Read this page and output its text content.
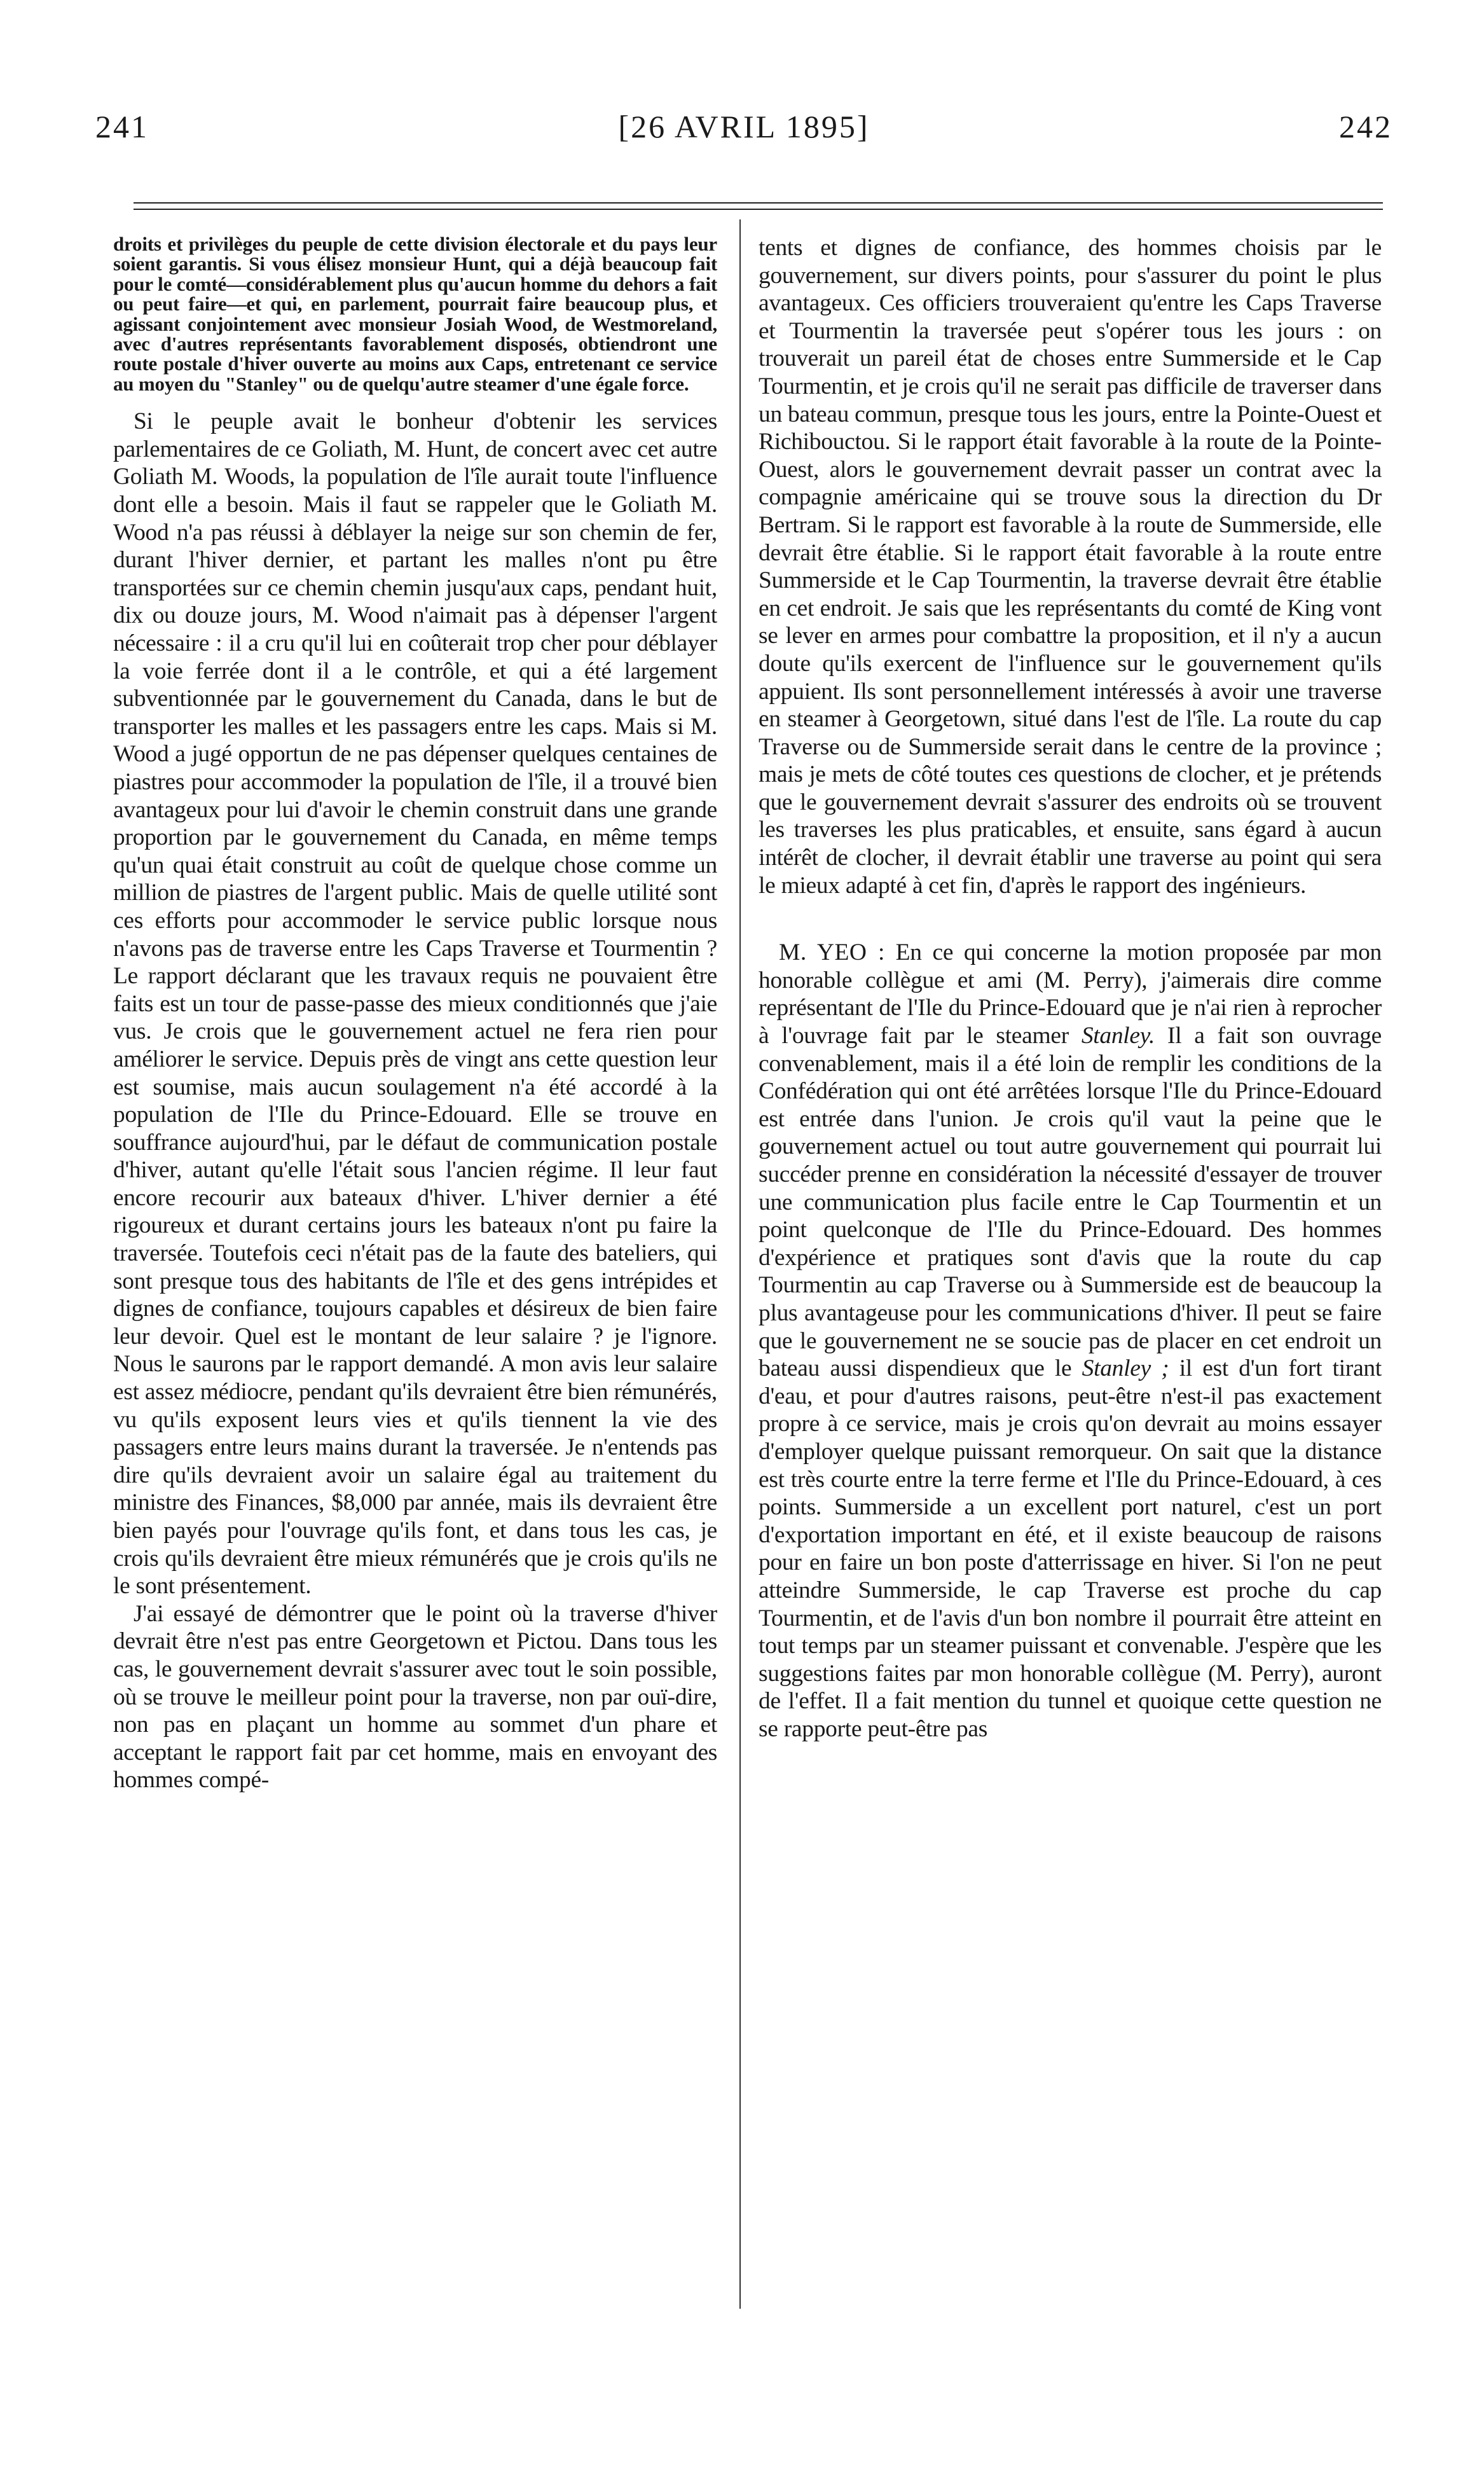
241	[26 AVRIL 1895]	242

droits et privilèges du peuple de cette division électorale et du pays leur soient garantis. Si vous élisez monsieur Hunt, qui a déjà beaucoup fait pour le comté—considérablement plus qu'aucun homme du dehors a fait ou peut faire—et qui, en parlement, pourrait faire beaucoup plus, et agissant conjointement avec monsieur Josiah Wood, de Westmoreland, avec d'autres représentants favorablement disposés, obtiendront une route postale d'hiver ouverte au moins aux Caps, entretenant ce service au moyen du "Stanley" ou de quelqu'autre steamer d'une égale force.

Si le peuple avait le bonheur d'obtenir les services parlementaires de ce Goliath, M. Hunt, de concert avec cet autre Goliath M. Woods, la population de l'île aurait toute l'influence dont elle a besoin. Mais il faut se rappeler que le Goliath M. Wood n'a pas réussi à déblayer la neige sur son chemin de fer, durant l'hiver dernier, et partant les malles n'ont pu être transportées sur ce chemin chemin jusqu'aux caps, pendant huit, dix ou douze jours, M. Wood n'aimait pas à dépenser l'argent nécessaire : il a cru qu'il lui en coûterait trop cher pour déblayer la voie ferrée dont il a le contrôle, et qui a été largement subventionnée par le gouvernement du Canada, dans le but de transporter les malles et les passagers entre les caps. Mais si M. Wood a jugé opportun de ne pas dépenser quelques centaines de piastres pour accommoder la population de l'île, il a trouvé bien avantageux pour lui d'avoir le chemin construit dans une grande proportion par le gouvernement du Canada, en même temps qu'un quai était construit au coût de quelque chose comme un million de piastres de l'argent public. Mais de quelle utilité sont ces efforts pour accommoder le service public lorsque nous n'avons pas de traverse entre les Caps Traverse et Tourmentin ? Le rapport déclarant que les travaux requis ne pouvaient être faits est un tour de passe-passe des mieux conditionnés que j'aie vus. Je crois que le gouvernement actuel ne fera rien pour améliorer le service. Depuis près de vingt ans cette question leur est soumise, mais aucun soulagement n'a été accordé à la population de l'Ile du Prince-Edouard. Elle se trouve en souffrance aujourd'hui, par le défaut de communication postale d'hiver, autant qu'elle l'était sous l'ancien régime. Il leur faut encore recourir aux bateaux d'hiver. L'hiver dernier a été rigoureux et durant certains jours les bateaux n'ont pu faire la traversée. Toutefois ceci n'était pas de la faute des bateliers, qui sont presque tous des habitants de l'île et des gens intrépides et dignes de confiance, toujours capables et désireux de bien faire leur devoir. Quel est le montant de leur salaire ? je l'ignore. Nous le saurons par le rapport demandé. A mon avis leur salaire est assez médiocre, pendant qu'ils devraient être bien rémunérés, vu qu'ils exposent leurs vies et qu'ils tiennent la vie des passagers entre leurs mains durant la traversée. Je n'entends pas dire qu'ils devraient avoir un salaire égal au traitement du ministre des Finances, $8,000 par année, mais ils devraient être bien payés pour l'ouvrage qu'ils font, et dans tous les cas, je crois qu'ils devraient être mieux rémunérés que je crois qu'ils ne le sont présentement.

J'ai essayé de démontrer que le point où la traverse d'hiver devrait être n'est pas entre Georgetown et Pictou. Dans tous les cas, le gouvernement devrait s'assurer avec tout le soin possible, où se trouve le meilleur point pour la traverse, non par ouï-dire, non pas en plaçant un homme au sommet d'un phare et acceptant le rapport fait par cet homme, mais en envoyant des hommes compé-

tents et dignes de confiance, des hommes choisis par le gouvernement, sur divers points, pour s'assurer du point le plus avantageux. Ces officiers trouveraient qu'entre les Caps Traverse et Tourmentin la traversée peut s'opérer tous les jours : on trouverait un pareil état de choses entre Summerside et le Cap Tourmentin, et je crois qu'il ne serait pas difficile de traverser dans un bateau commun, presque tous les jours, entre la Pointe-Ouest et Richibouctou. Si le rapport était favorable à la route de la Pointe-Ouest, alors le gouvernement devrait passer un contrat avec la compagnie américaine qui se trouve sous la direction du Dr Bertram. Si le rapport est favorable à la route de Summerside, elle devrait être établie. Si le rapport était favorable à la route entre Summerside et le Cap Tourmentin, la traverse devrait être établie en cet endroit. Je sais que les représentants du comté de King vont se lever en armes pour combattre la proposition, et il n'y a aucun doute qu'ils exercent de l'influence sur le gouvernement qu'ils appuient. Ils sont personnellement intéressés à avoir une traverse en steamer à Georgetown, situé dans l'est de l'île. La route du cap Traverse ou de Summerside serait dans le centre de la province ; mais je mets de côté toutes ces questions de clocher, et je prétends que le gouvernement devrait s'assurer des endroits où se trouvent les traverses les plus praticables, et ensuite, sans égard à aucun intérêt de clocher, il devrait établir une traverse au point qui sera le mieux adapté à cet fin, d'après le rapport des ingénieurs.

M. YEO : En ce qui concerne la motion proposée par mon honorable collègue et ami (M. Perry), j'aimerais dire comme représentant de l'Ile du Prince-Edouard que je n'ai rien à reprocher à l'ouvrage fait par le steamer Stanley. Il a fait son ouvrage convenablement, mais il a été loin de remplir les conditions de la Confédération qui ont été arrêtées lorsque l'Ile du Prince-Edouard est entrée dans l'union. Je crois qu'il vaut la peine que le gouvernement actuel ou tout autre gouvernement qui pourrait lui succéder prenne en considération la nécessité d'essayer de trouver une communication plus facile entre le Cap Tourmentin et un point quelconque de l'Ile du Prince-Edouard. Des hommes d'expérience et pratiques sont d'avis que la route du cap Tourmentin au cap Traverse ou à Summerside est de beaucoup la plus avantageuse pour les communications d'hiver. Il peut se faire que le gouvernement ne se soucie pas de placer en cet endroit un bateau aussi dispendieux que le Stanley ; il est d'un fort tirant d'eau, et pour d'autres raisons, peut-être n'est-il pas exactement propre à ce service, mais je crois qu'on devrait au moins essayer d'employer quelque puissant remorqueur. On sait que la distance est très courte entre la terre ferme et l'Ile du Prince-Edouard, à ces points. Summerside a un excellent port naturel, c'est un port d'exportation important en été, et il existe beaucoup de raisons pour en faire un bon poste d'atterrissage en hiver. Si l'on ne peut atteindre Summerside, le cap Traverse est proche du cap Tourmentin, et de l'avis d'un bon nombre il pourrait être atteint en tout temps par un steamer puissant et convenable. J'espère que les suggestions faites par mon honorable collègue (M. Perry), auront de l'effet. Il a fait mention du tunnel et quoique cette question ne se rapporte peut-être pas
